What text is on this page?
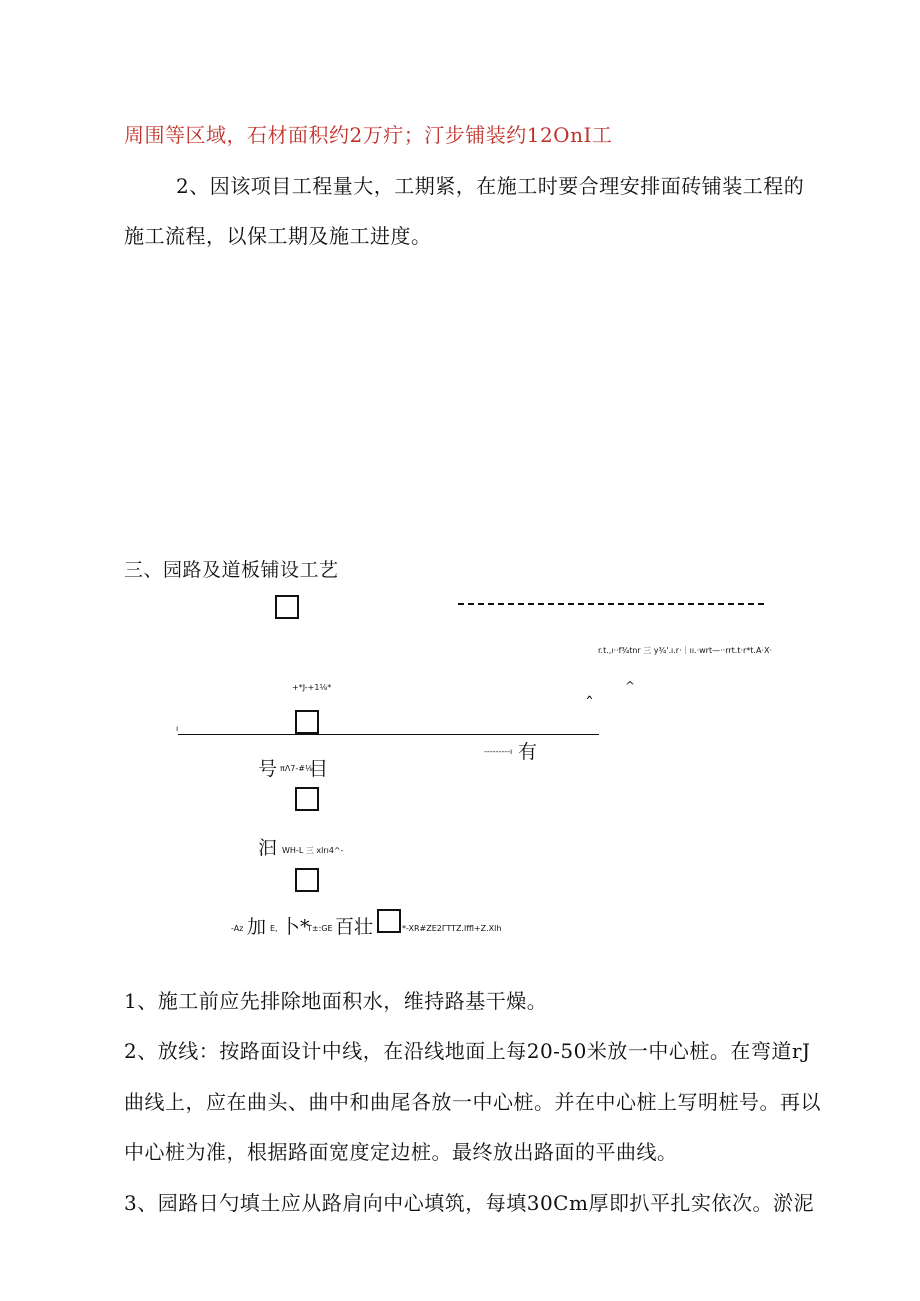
周围等区域，石材面积约2万疔；汀步铺装约12OnI工
2、因该项目工程量大，工期紧，在施工时要合理安排面砖铺装工程的
施工流程，以保工期及施工进度。
三、园路及道板铺设工艺
r.t.,ı··f¾tnr 三 y¾'.ı.r·｜ıı.·wrt—··rrt.t·r*t.A·X·
+*J-+1⅛*	^
ˆ
ı
---------ı 有
号 πΛ7-#⅛
目
汩 WH-L 三 xlrı4^-
-Az 加 E, 卜*
T±:GE 百壮	*-XR#ZE2ΓTTZ.lffl+Z.Xlh
1、施工前应先排除地面积水，维持路基干燥。
2、放线：按路面设计中线，在沿线地面上每20-50米放一中心桩。在弯道rJ
曲线上，应在曲头、曲中和曲尾各放一中心桩。并在中心桩上写明桩号。再以
中心桩为准，根据路面宽度定边桩。最终放出路面的平曲线。
3、园路日勺填土应从路肩向中心填筑，每填30Cm厚即扒平扎实依次。淤泥
